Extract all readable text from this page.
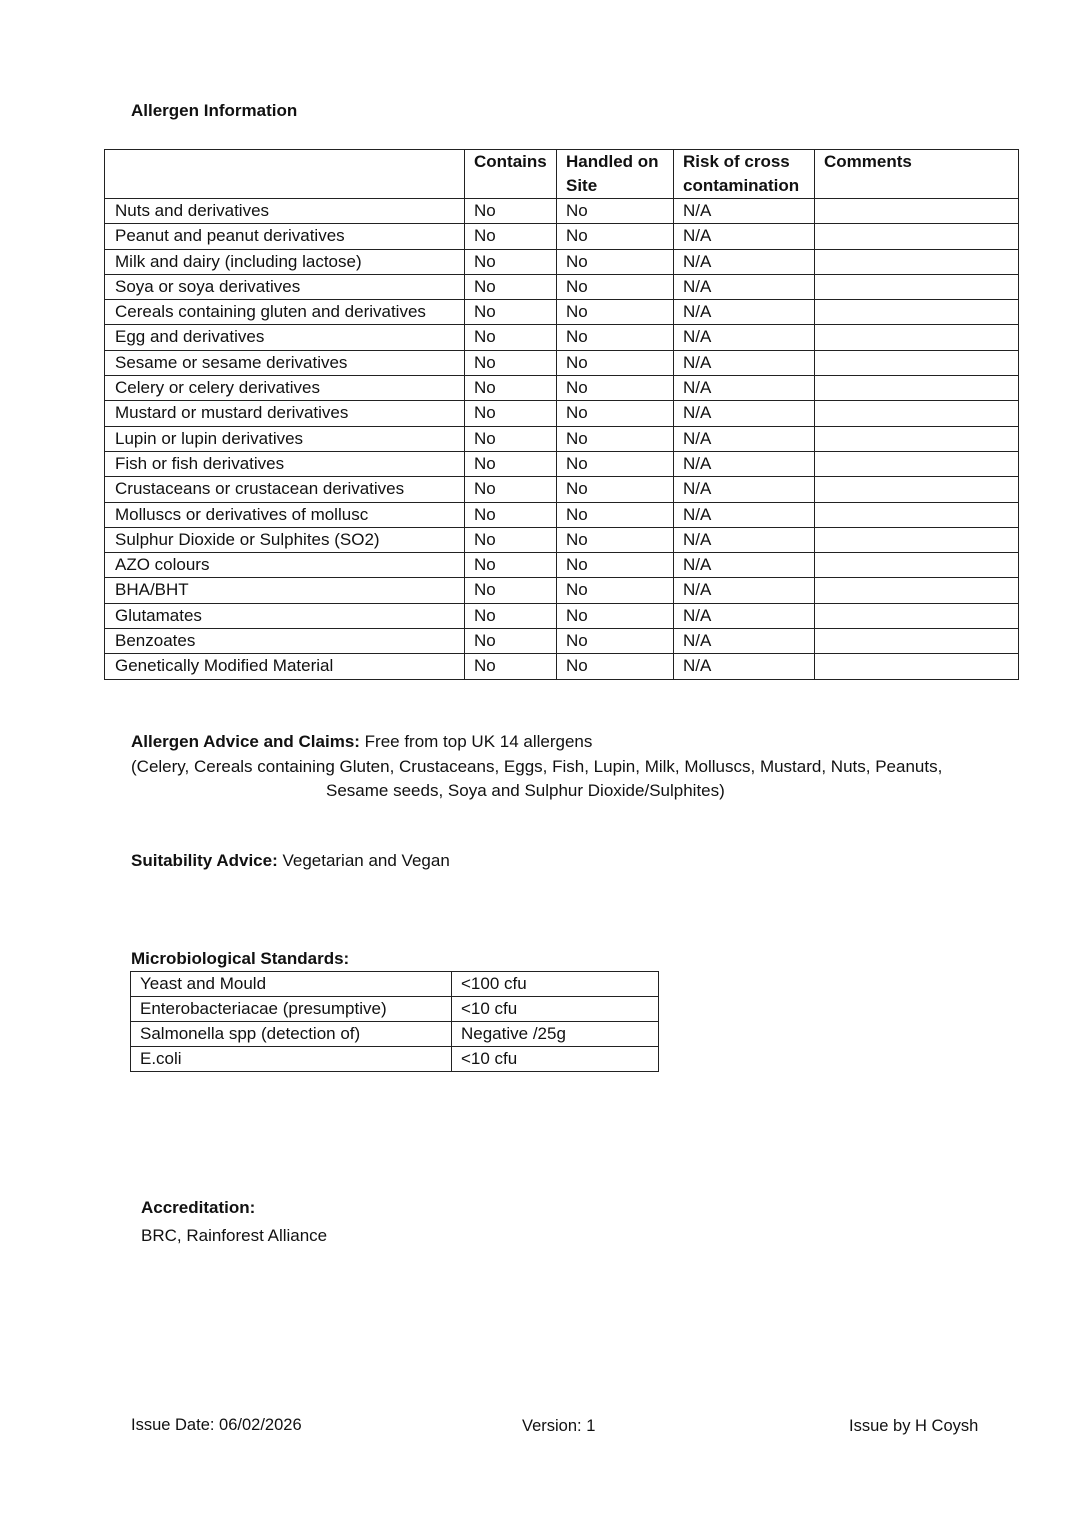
Allergen Information
	Contains	Handled on Site	Risk of cross contamination	Comments
Nuts and derivatives	No	No	N/A	
Peanut and peanut derivatives	No	No	N/A	
Milk and dairy (including lactose)	No	No	N/A	
Soya or soya derivatives	No	No	N/A	
Cereals containing gluten and derivatives	No	No	N/A	
Egg and derivatives	No	No	N/A	
Sesame or sesame derivatives	No	No	N/A	
Celery or celery derivatives	No	No	N/A	
Mustard or mustard derivatives	No	No	N/A	
Lupin or lupin derivatives	No	No	N/A	
Fish or fish derivatives	No	No	N/A	
Crustaceans or crustacean derivatives	No	No	N/A	
Molluscs or derivatives of mollusc	No	No	N/A	
Sulphur Dioxide or Sulphites (SO2)	No	No	N/A	
AZO colours	No	No	N/A	
BHA/BHT	No	No	N/A	
Glutamates	No	No	N/A	
Benzoates	No	No	N/A	
Genetically Modified Material	No	No	N/A	
Allergen Advice and Claims: Free from top UK 14 allergens
(Celery, Cereals containing Gluten, Crustaceans, Eggs, Fish, Lupin, Milk, Molluscs, Mustard, Nuts, Peanuts,
Sesame seeds, Soya and Sulphur Dioxide/Sulphites)
Suitability Advice: Vegetarian and Vegan
Microbiological Standards:
Yeast and Mould	<100 cfu
Enterobacteriacae (presumptive)	<10 cfu
Salmonella spp (detection of)	Negative /25g
E.coli	<10 cfu
Accreditation:
BRC, Rainforest Alliance
Issue Date: 06/02/2026	Version: 1	Issue by H Coysh
